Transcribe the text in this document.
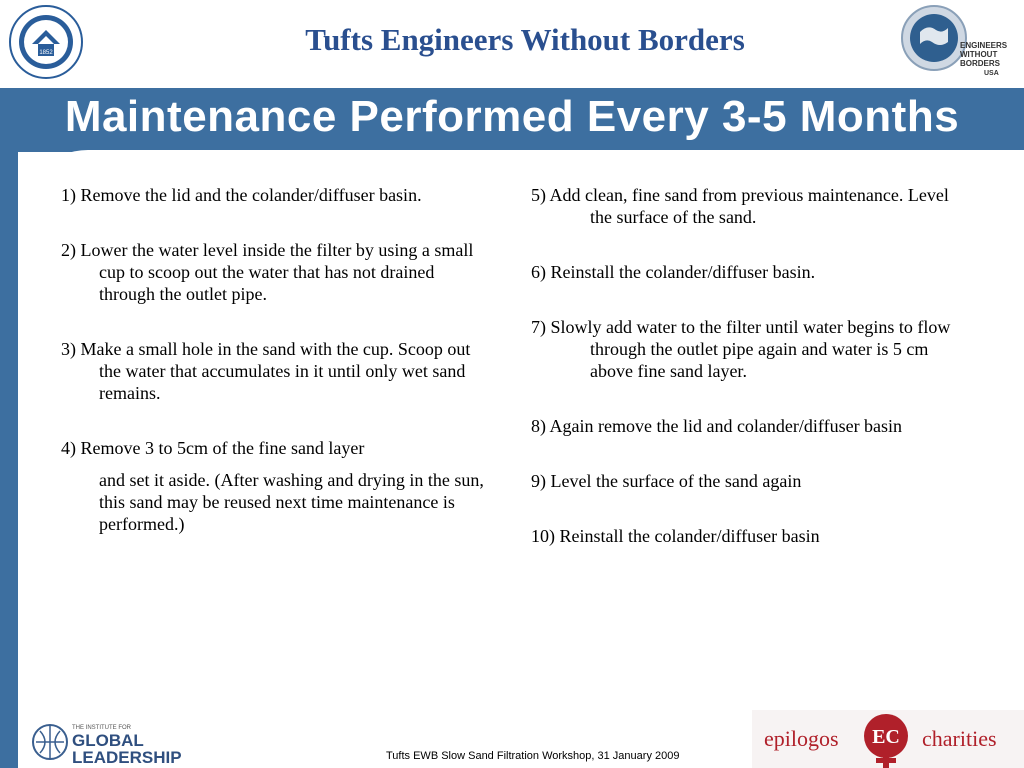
1852	Tufts Engineers Without Borders	ENGINEERS
WITHOUT
BORDERS
USA
Maintenance Performed Every 3-5 Months

1) Remove the lid and the colander/diffuser basin.

2) Lower the water level inside the filter by using a small cup to scoop out the water that has not drained through the outlet pipe.

3) Make a small hole in the sand with the cup. Scoop out the water that accumulates in it until only wet sand remains.

4) Remove 3 to 5cm of the fine sand layer

and set it aside. (After washing and drying in the sun, this sand may be reused next time maintenance is performed.)

5) Add clean, fine sand from previous maintenance. Level the surface of the sand.

6) Reinstall the colander/diffuser basin.

7) Slowly add water to the filter until water begins to flow through the outlet pipe again and water is 5 cm above fine sand layer.

8) Again remove the lid and colander/diffuser basin

9) Level the surface of the sand again

10) Reinstall the colander/diffuser basin

THE INSTITUTE FOR
GLOBAL
LEADERSHIP	Tufts EWB Slow Sand Filtration Workshop, 31 January 2009

epilogos EC charities
